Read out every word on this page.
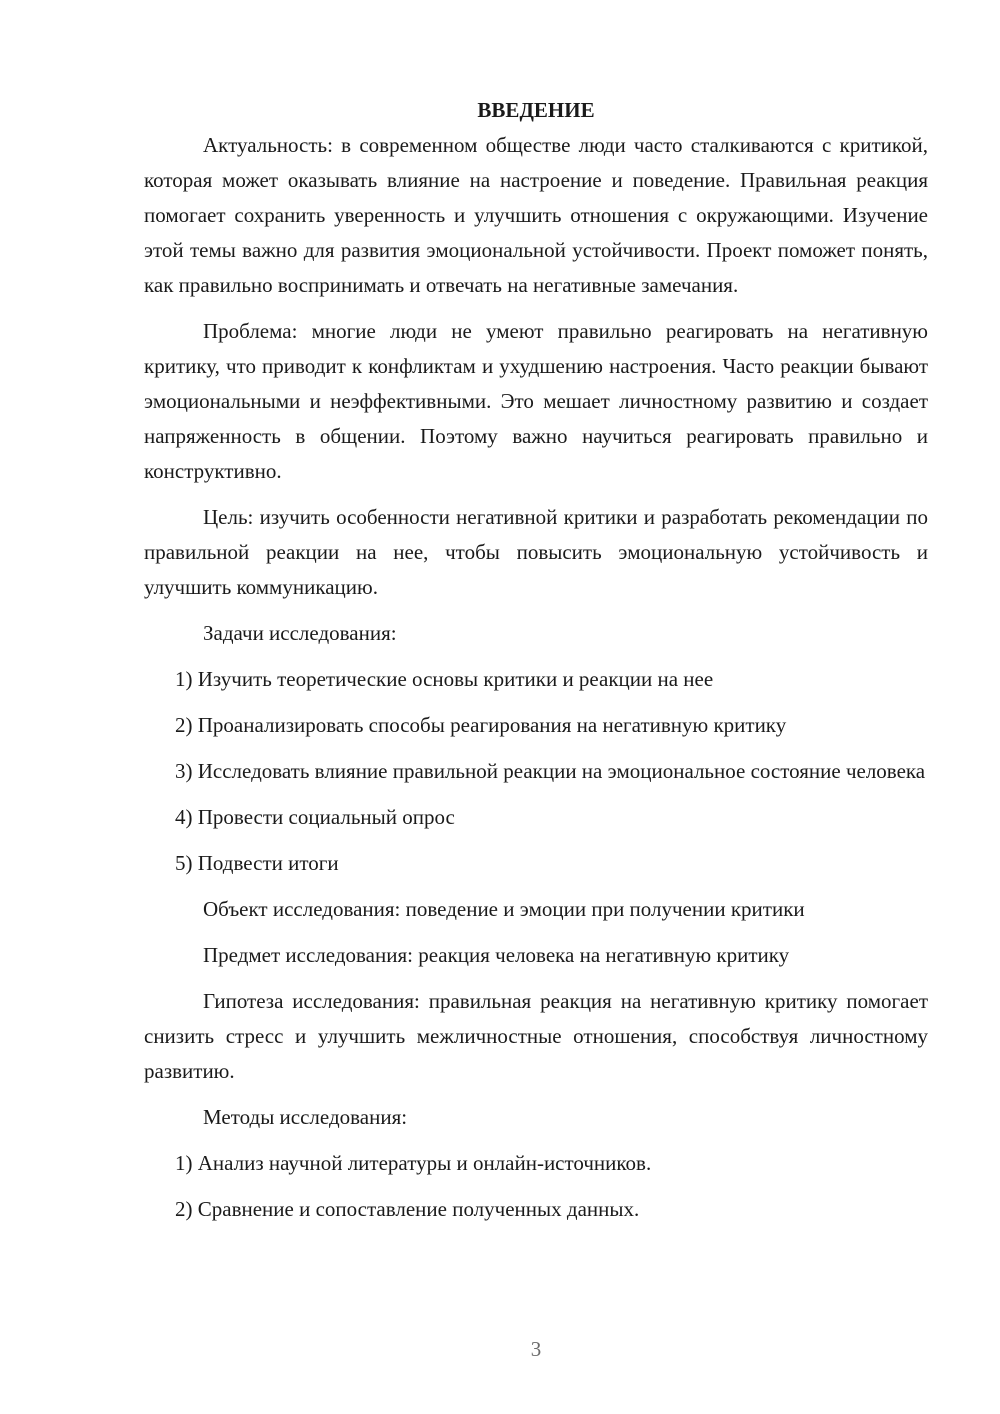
ВВЕДЕНИЕ

Актуальность: в современном обществе люди часто сталкиваются с критикой, которая может оказывать влияние на настроение и поведение. Правильная реакция помогает сохранить уверенность и улучшить отношения с окружающими. Изучение этой темы важно для развития эмоциональной устойчивости. Проект поможет понять, как правильно воспринимать и отвечать на негативные замечания.

Проблема: многие люди не умеют правильно реагировать на негативную критику, что приводит к конфликтам и ухудшению настроения. Часто реакции бывают эмоциональными и неэффективными. Это мешает личностному развитию и создает напряженность в общении. Поэтому важно научиться реагировать правильно и конструктивно.

Цель: изучить особенности негативной критики и разработать рекомендации по правильной реакции на нее, чтобы повысить эмоциональную устойчивость и улучшить коммуникацию.

Задачи исследования:

1) Изучить теоретические основы критики и реакции на нее

2) Проанализировать способы реагирования на негативную критику

3) Исследовать влияние правильной реакции на эмоциональное состояние человека

4) Провести социальный опрос

5) Подвести итоги

Объект исследования: поведение и эмоции при получении критики

Предмет исследования: реакция человека на негативную критику

Гипотеза исследования: правильная реакция на негативную критику помогает снизить стресс и улучшить межличностные отношения, способствуя личностному развитию.

Методы исследования:

1) Анализ научной литературы и онлайн-источников.

2) Сравнение и сопоставление полученных данных.

3
